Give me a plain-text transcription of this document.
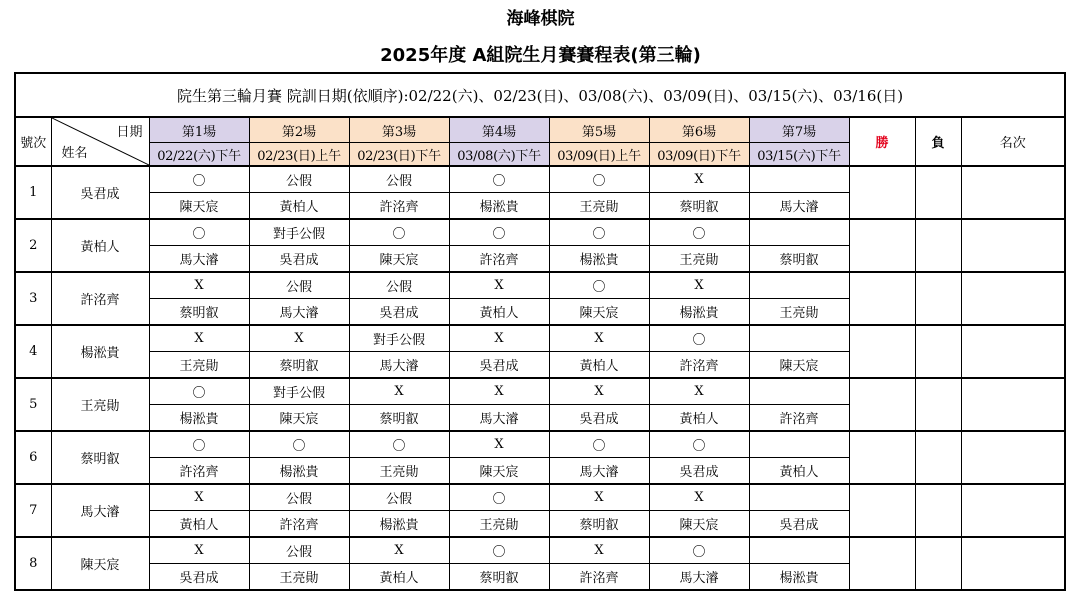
海峰棋院
2025年度 A組院生月賽賽程表(第三輪)
院生第三輪月賽 院訓日期(依順序):02/22(六)、02/23(日)、03/08(六)、03/09(日)、03/15(六)、03/16(日)											
號次	日期
姓名	第1場	第2場	第3場	第4場	第5場	第6場	第7場	勝	負	名次
		02/22(六)下午	02/23(日)上午	02/23(日)下午	03/08(六)下午	03/09(日)上午	03/09(日)下午	03/15(六)下午			
1	吳君成	〇	公假	公假	〇	〇	X				
		陳天宸	黃柏人	許洺齊	楊淞貴	王亮勛	蔡明叡	馬大濬			
2	黃柏人	〇	對手公假	〇	〇	〇	〇				
		馬大濬	吳君成	陳天宸	許洺齊	楊淞貴	王亮勛	蔡明叡			
3	許洺齊	X	公假	公假	X	〇	X				
		蔡明叡	馬大濬	吳君成	黃柏人	陳天宸	楊淞貴	王亮勛			
4	楊淞貴	X	X	對手公假	X	X	〇				
		王亮勛	蔡明叡	馬大濬	吳君成	黃柏人	許洺齊	陳天宸			
5	王亮勛	〇	對手公假	X	X	X	X				
		楊淞貴	陳天宸	蔡明叡	馬大濬	吳君成	黃柏人	許洺齊			
6	蔡明叡	〇	〇	〇	X	〇	〇				
		許洺齊	楊淞貴	王亮勛	陳天宸	馬大濬	吳君成	黃柏人			
7	馬大濬	X	公假	公假	〇	X	X				
		黃柏人	許洺齊	楊淞貴	王亮勛	蔡明叡	陳天宸	吳君成			
8	陳天宸	X	公假	X	〇	X	〇				
		吳君成	王亮勛	黃柏人	蔡明叡	許洺齊	馬大濬	楊淞貴			
